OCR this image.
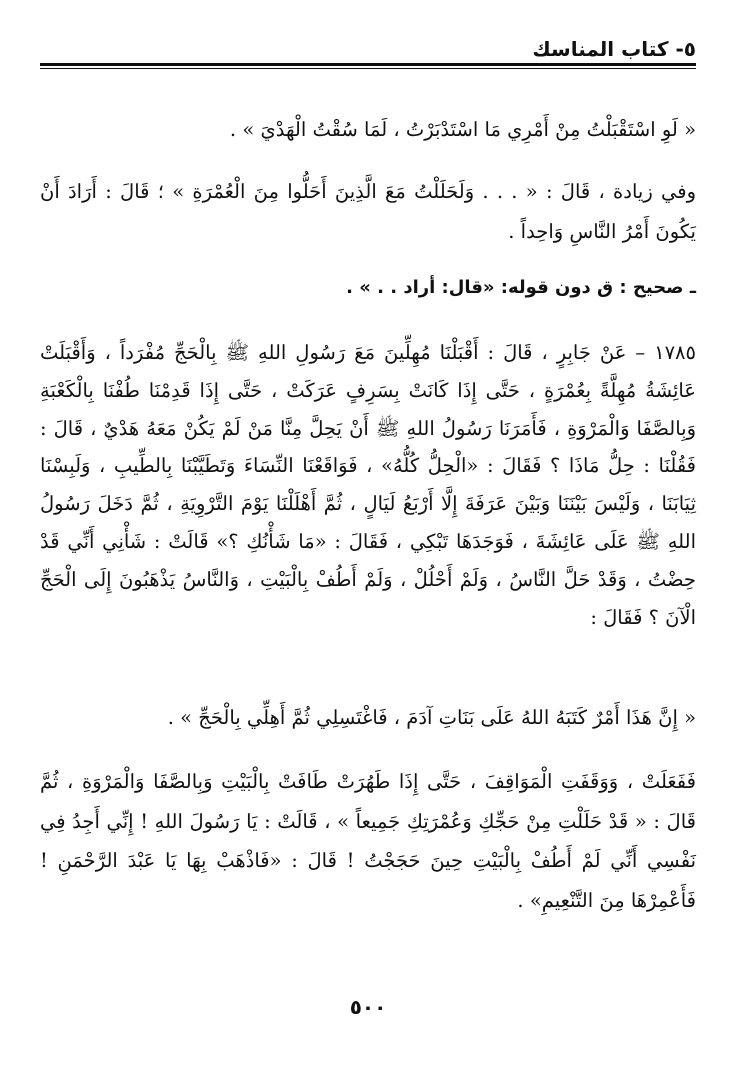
٥- كتاب المناسك

« لَوِ اسْتَقْبَلْتُ مِنْ أَمْرِي مَا اسْتَدْبَرْتُ ، لَمَا سُقْتُ الْهَدْيَ » .

وفي زيادة ، قَالَ : « . . . وَلَحَلَلْتُ مَعَ الَّذِينَ أَحَلُّوا مِنَ الْعُمْرَةِ » ؛ قَالَ : أَرَادَ أَنْ يَكُونَ أَمْرُ النَّاسِ وَاحِداً .

ـ صحيح : ق دون قوله: «قال: أراد . . » .

١٧٨٥ – عَنْ جَابِرٍ ، قَالَ : أَقْبَلْنَا مُهِلِّينَ مَعَ رَسُولِ اللهِ ﷺ بِالْحَجِّ مُفْرَداً ، وَأَقْبَلَتْ عَائِشَةُ مُهِلَّةً بِعُمْرَةٍ ، حَتَّى إِذَا كَانَتْ بِسَرِفٍ عَرَكَتْ ، حَتَّى إِذَا قَدِمْنَا طُفْنَا بِالْكَعْبَةِ وَبِالصَّفَا وَالْمَرْوَةِ ، فَأَمَرَنَا رَسُولُ اللهِ ﷺ أَنْ يَحِلَّ مِنَّا مَنْ لَمْ يَكُنْ مَعَهُ هَدْيٌ ، قَالَ : فَقُلْنَا : حِلُّ مَاذَا ؟ فَقَالَ : «الْحِلُّ كُلُّهُ» ، فَوَاقَعْنَا النِّسَاءَ وَتَطَيَّبْنَا بِالطِّيبِ ، وَلَبِسْنَا ثِيَابَنَا ، وَلَيْسَ بَيْنَنَا وَبَيْنَ عَرَفَةَ إِلَّا أَرْبَعُ لَيَالٍ ، ثُمَّ أَهْلَلْنَا يَوْمَ التَّرْوِيَةِ ، ثُمَّ دَخَلَ رَسُولُ اللهِ ﷺ عَلَى عَائِشَةَ ، فَوَجَدَهَا تَبْكِي ، فَقَالَ : «مَا شَأْنُكِ ؟» قَالَتْ : شَأْنِي أَنِّي قَدْ حِضْتُ ، وَقَدْ حَلَّ النَّاسُ ، وَلَمْ أَحْلُلْ ، وَلَمْ أَطُفْ بِالْبَيْتِ ، وَالنَّاسُ يَذْهَبُونَ إِلَى الْحَجِّ الْآنَ ؟ فَقَالَ :

« إِنَّ هَذَا أَمْرٌ كَتَبَهُ اللهُ عَلَى بَنَاتِ آدَمَ ، فَاغْتَسِلِي ثُمَّ أَهِلِّي بِالْحَجِّ » .

فَفَعَلَتْ ، وَوَقَفَتِ الْمَوَاقِفَ ، حَتَّى إِذَا طَهُرَتْ طَافَتْ بِالْبَيْتِ وَبِالصَّفَا وَالْمَرْوَةِ ، ثُمَّ قَالَ : « قَدْ حَلَلْتِ مِنْ حَجِّكِ وَعُمْرَتِكِ جَمِيعاً » ، قَالَتْ : يَا رَسُولَ اللهِ ! إِنِّي أَجِدُ فِي نَفْسِي أَنِّي لَمْ أَطُفْ بِالْبَيْتِ حِينَ حَجَجْتُ ! قَالَ : «فَاذْهَبْ بِهَا يَا عَبْدَ الرَّحْمَنِ ! فَأَعْمِرْهَا مِنَ التَّنْعِيمِ» .

٥٠٠
